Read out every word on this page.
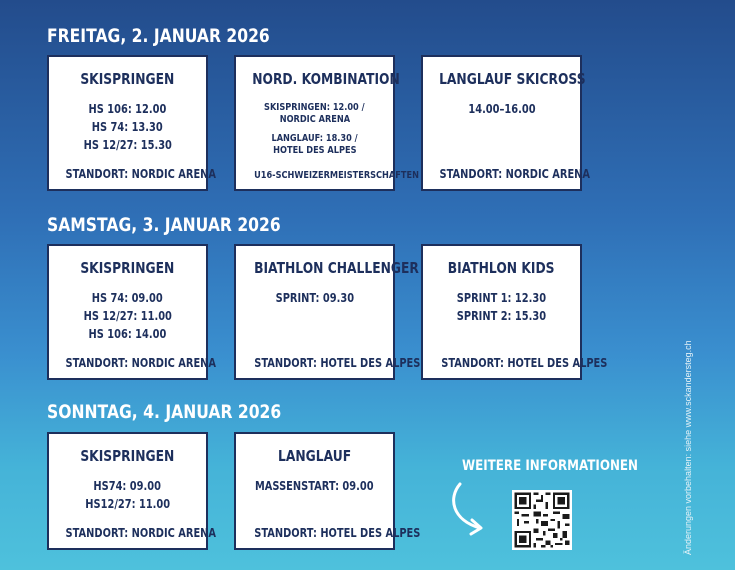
FREITAG, 2. JANUAR 2026
SKISPRINGEN
HS 106: 12.00
HS 74: 13.30
HS 12/27: 15.30
STANDORT: NORDIC ARENA
NORD. KOMBINATION
SKISPRINGEN: 12.00 /
NORDIC ARENA
LANGLAUF: 18.30 /
HOTEL DES ALPES
U16-SCHWEIZERMEISTERSCHAFTEN
LANGLAUF SKICROSS
14.00–16.00
STANDORT: NORDIC ARENA
SAMSTAG, 3. JANUAR 2026
SKISPRINGEN
HS 74: 09.00
HS 12/27: 11.00
HS 106: 14.00
STANDORT: NORDIC ARENA
BIATHLON CHALLENGER
SPRINT: 09.30
STANDORT: HOTEL DES ALPES
BIATHLON KIDS
SPRINT 1: 12.30
SPRINT 2: 15.30
STANDORT: HOTEL DES ALPES
SONNTAG, 4. JANUAR 2026
SKISPRINGEN
HS74: 09.00
HS12/27: 11.00
STANDORT: NORDIC ARENA
LANGLAUF
MASSENSTART: 09.00
STANDORT: HOTEL DES ALPES
WEITERE INFORMATIONEN	Änderungen vorbehalten: siehe www.sckandersteg.ch
